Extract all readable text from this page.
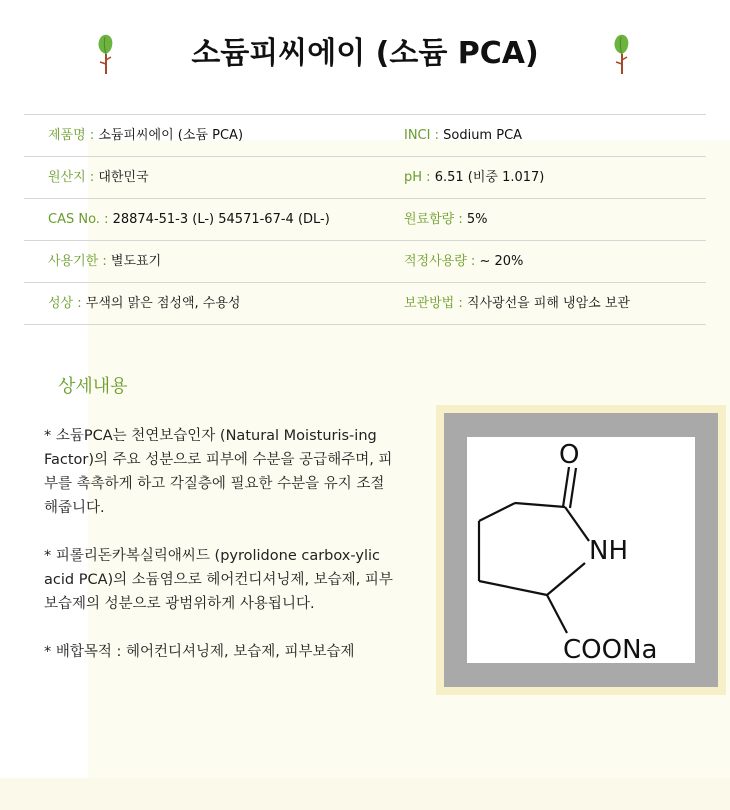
소듐피씨에이 (소듐 PCA)
제품명 : 소듐피씨에이 (소듐 PCA)	INCI : Sodium PCA
원산지 : 대한민국	pH : 6.51 (비중 1.017)
CAS No. : 28874-51-3 (L-) 54571-67-4 (DL-)	원료함량 : 5%
사용기한 : 별도표기	적정사용량 : ~ 20%
성상 : 무색의 맑은 점성액, 수용성	보관방법 : 직사광선을 피해 냉암소 보관
상세내용

* 소듐PCA는 천연보습인자 (Natural Moisturis-ing Factor)의 주요 성분으로 피부에 수분을 공급해주며, 피부를 촉촉하게 하고 각질층에 필요한 수분을 유지 조절해줍니다.

* 피롤리돈카복실릭애씨드 (pyrolidone carbox-ylic acid PCA)의 소듐염으로 헤어컨디셔닝제, 보습제, 피부 보습제의 성분으로 광범위하게 사용됩니다.

* 배합목적 : 헤어컨디셔닝제, 보습제, 피부보습제

O
NH
COONa
